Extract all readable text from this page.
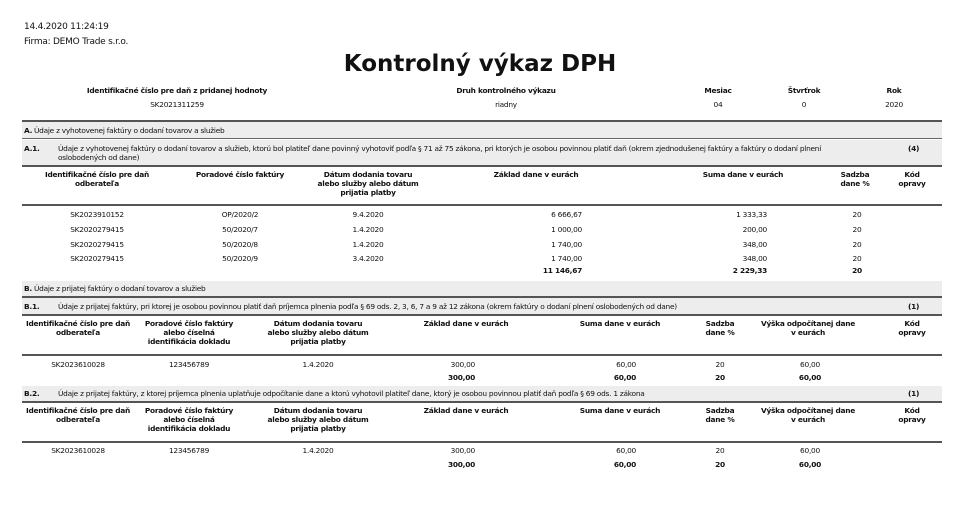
14.4.2020 11:24:19
Firma: DEMO Trade s.r.o.
Kontrolný výkaz DPH
Identifikačné číslo pre daň z pridanej hodnoty	Druh kontrolného výkazu	Mesiac	Štvrťrok	Rok
SK2021311259	riadny	04	0	2020
A. Údaje z vyhotovenej faktúry o dodaní tovarov a služieb
A.1. Údaje z vyhotovenej faktúry o dodaní tovarov a služieb, ktorú bol platiteľ dane povinný vyhotoviť podľa § 71 až 75 zákona, pri ktorých je osobou povinnou platiť daň (okrem zjednodušenej faktúry a faktúry o dodaní plnení oslobodených od dane)
(4)
Identifikačné číslo pre daň odberateľa
Poradové číslo faktúry	Dátum dodania tovaru alebo služby alebo dátum prijatia platby
Základ dane v eurách	Suma dane v eurách	Sadzba dane %
Kód opravy
SK2023910152	OP/2020/2	9.4.2020	6 666,67	1 333,33	20
SK2020279415	50/2020/7	1.4.2020	1 000,00	200,00	20
SK2020279415	50/2020/8	1.4.2020	1 740,00	348,00	20
SK2020279415	50/2020/9	3.4.2020	1 740,00	348,00	20
11 146,67	2 229,33	20
B. Údaje z prijatej faktúry o dodaní tovarov a služieb
B.1.	Údaje z prijatej faktúry, pri ktorej je osobou povinnou platiť daň príjemca plnenia podľa § 69 ods. 2, 3, 6, 7 a 9 až 12 zákona (okrem faktúry o dodaní plnení oslobodených od dane)	(1)
Identifikačné číslo pre daň odberateľa
Poradové číslo faktúry alebo číselná identifikácia dokladu
Dátum dodania tovaru alebo služby alebo dátum prijatia platby
Základ dane v eurách	Suma dane v eurách	Sadzba dane %
Výška odpočítanej dane v eurách
Kód opravy
SK2023610028	123456789	1.4.2020	300,00	60,00	20	60,00
300,00	60,00	20	60,00
B.2.	Údaje z prijatej faktúry, z ktorej príjemca plnenia uplatňuje odpočítanie dane a ktorú vyhotovil platiteľ dane, ktorý je osobou povinnou platiť daň podľa § 69 ods. 1 zákona	(1)
Identifikačné číslo pre daň odberateľa
Poradové číslo faktúry alebo číselná identifikácia dokladu
Dátum dodania tovaru alebo služby alebo dátum prijatia platby
Základ dane v eurách	Suma dane v eurách	Sadzba dane %
Výška odpočítanej dane v eurách
Kód opravy
SK2023610028	123456789	1.4.2020	300,00	60,00	20	60,00
300,00	60,00	20	60,00
